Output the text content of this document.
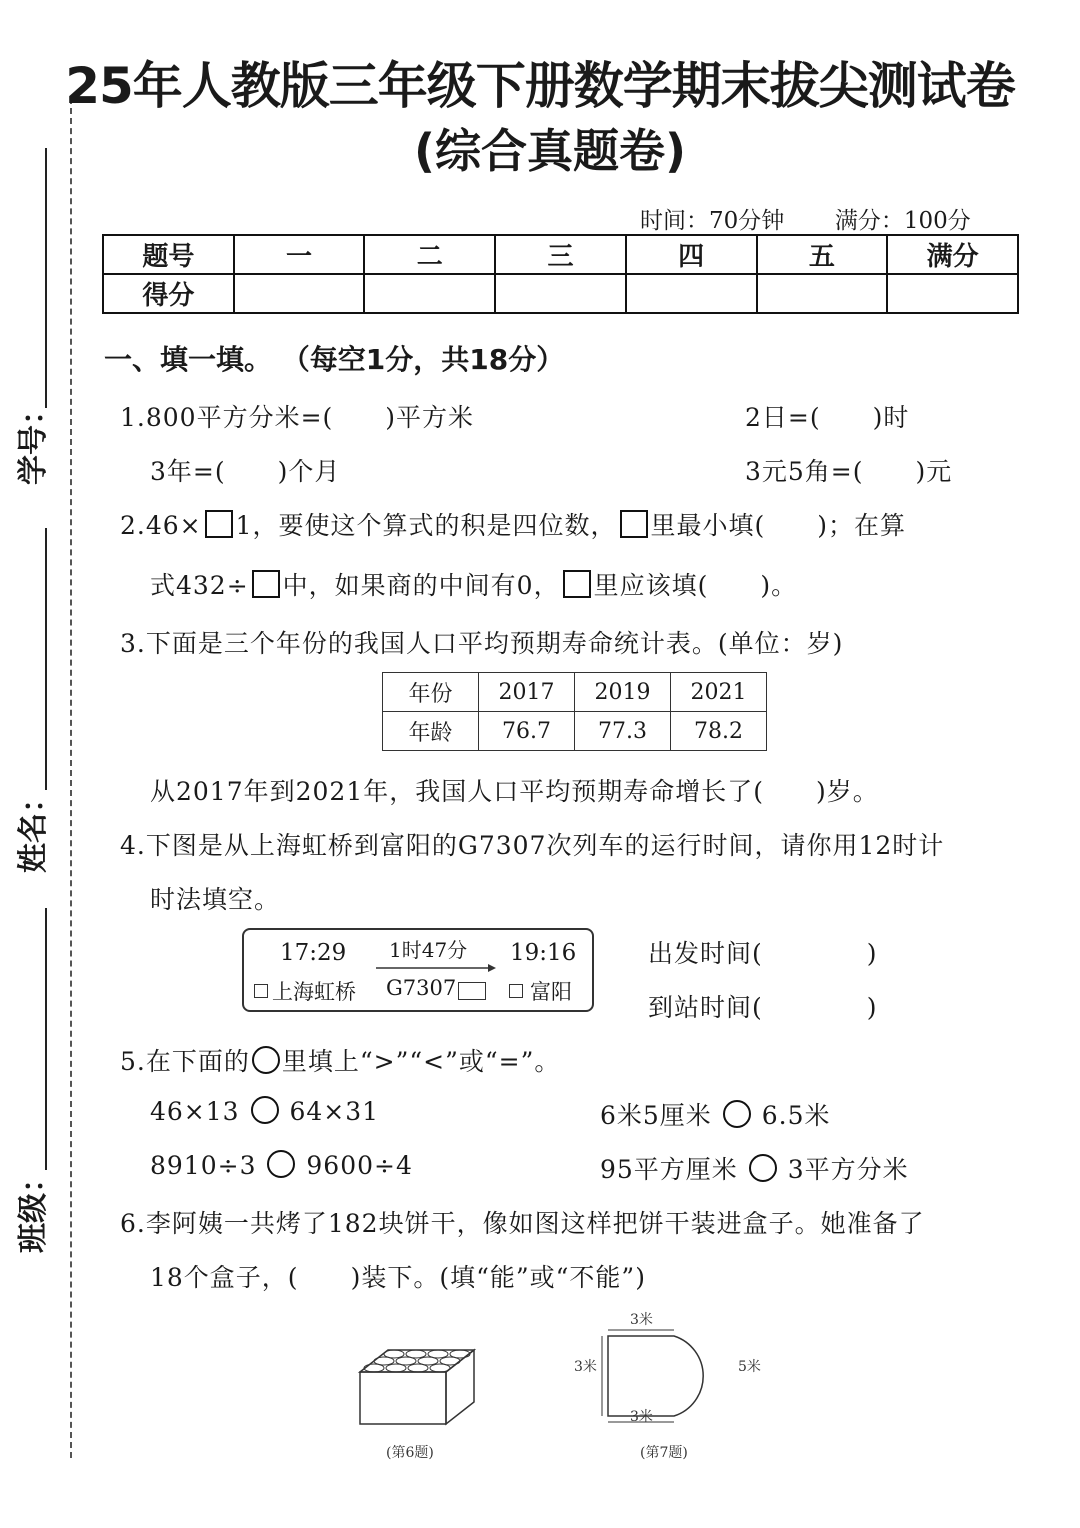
学号：
姓名：
班级：
25年人教版三年级下册数学期末拔尖测试卷
(综合真题卷)
时间：70分钟 满分：100分
题号	一	二	三	四	五	满分
得分						
一、填一填。 （每空1分，共18分）
1.800平方分米=(　　)平方米	2日=(　　)时
3年=(　　)个月	3元5角=(　　)元
2.46× 1，要使这个算式的积是四位数， 里最小填(　　)；在算
式432÷ 中，如果商的中间有0， 里应该填(　　)。
3.下面是三个年份的我国人口平均预期寿命统计表。(单位：岁)
年份	2017	2019	2021
年龄	76.7	77.3	78.2
从2017年到2021年，我国人口平均预期寿命增长了(　　)岁。
4.下图是从上海虹桥到富阳的G7307次列车的运行时间，请你用12时计
时法填空。
17:29 1时47分 19:16
上海虹桥 G7307	富阳
出发时间(　　　　)
到站时间(　　　　)
5.在下面的 里填上“>”“<”或“=”。
46×13 64×31	6米5厘米 6.5米
8910÷3 9600÷4	95平方厘米 3平方分米
6.李阿姨一共烤了182块饼干，像如图这样把饼干装进盒子。她准备了
18个盒子，(　　)装下。(填“能”或“不能”)
(第6题)
3米
3米	5米
3米
(第7题)
